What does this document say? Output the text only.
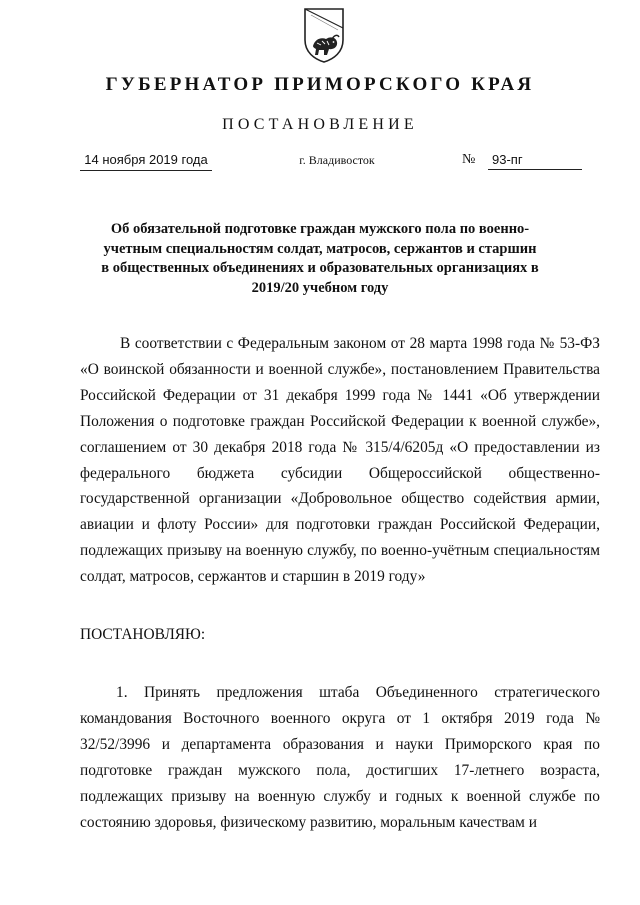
ГУБЕРНАТОР ПРИМОРСКОГО КРАЯ
ПОСТАНОВЛЕНИЕ
14 ноября 2019 года	г. Владивосток	№	93-пг

Об обязательной подготовке граждан мужского пола по военно-учетным специальностям солдат, матросов, сержантов и старшин в общественных объединениях и образовательных организациях в 2019/20 учебном году

В соответствии с Федеральным законом от 28 марта 1998 года № 53-ФЗ «О воинской обязанности и военной службе», постановлением Правительства Российской Федерации от 31 декабря 1999 года № 1441 «Об утверждении Положения о подготовке граждан Российской Федерации к военной службе», соглашением от 30 декабря 2018 года № 315/4/6205д «О предоставлении из федерального бюджета субсидии Общероссийской общественно-государственной организации «Добровольное общество содействия армии, авиации и флоту России» для подготовки граждан Российской Федерации, подлежащих призыву на военную службу, по военно-учётным специальностям солдат, матросов, сержантов и старшин в 2019 году»

ПОСТАНОВЛЯЮ:

1. Принять предложения штаба Объединенного стратегического командования Восточного военного округа от 1 октября 2019 года № 32/52/3996 и департамента образования и науки Приморского края по подготовке граждан мужского пола, достигших 17-летнего возраста, подлежащих призыву на военную службу и годных к военной службе по состоянию здоровья, физическому развитию, моральным качествам и
